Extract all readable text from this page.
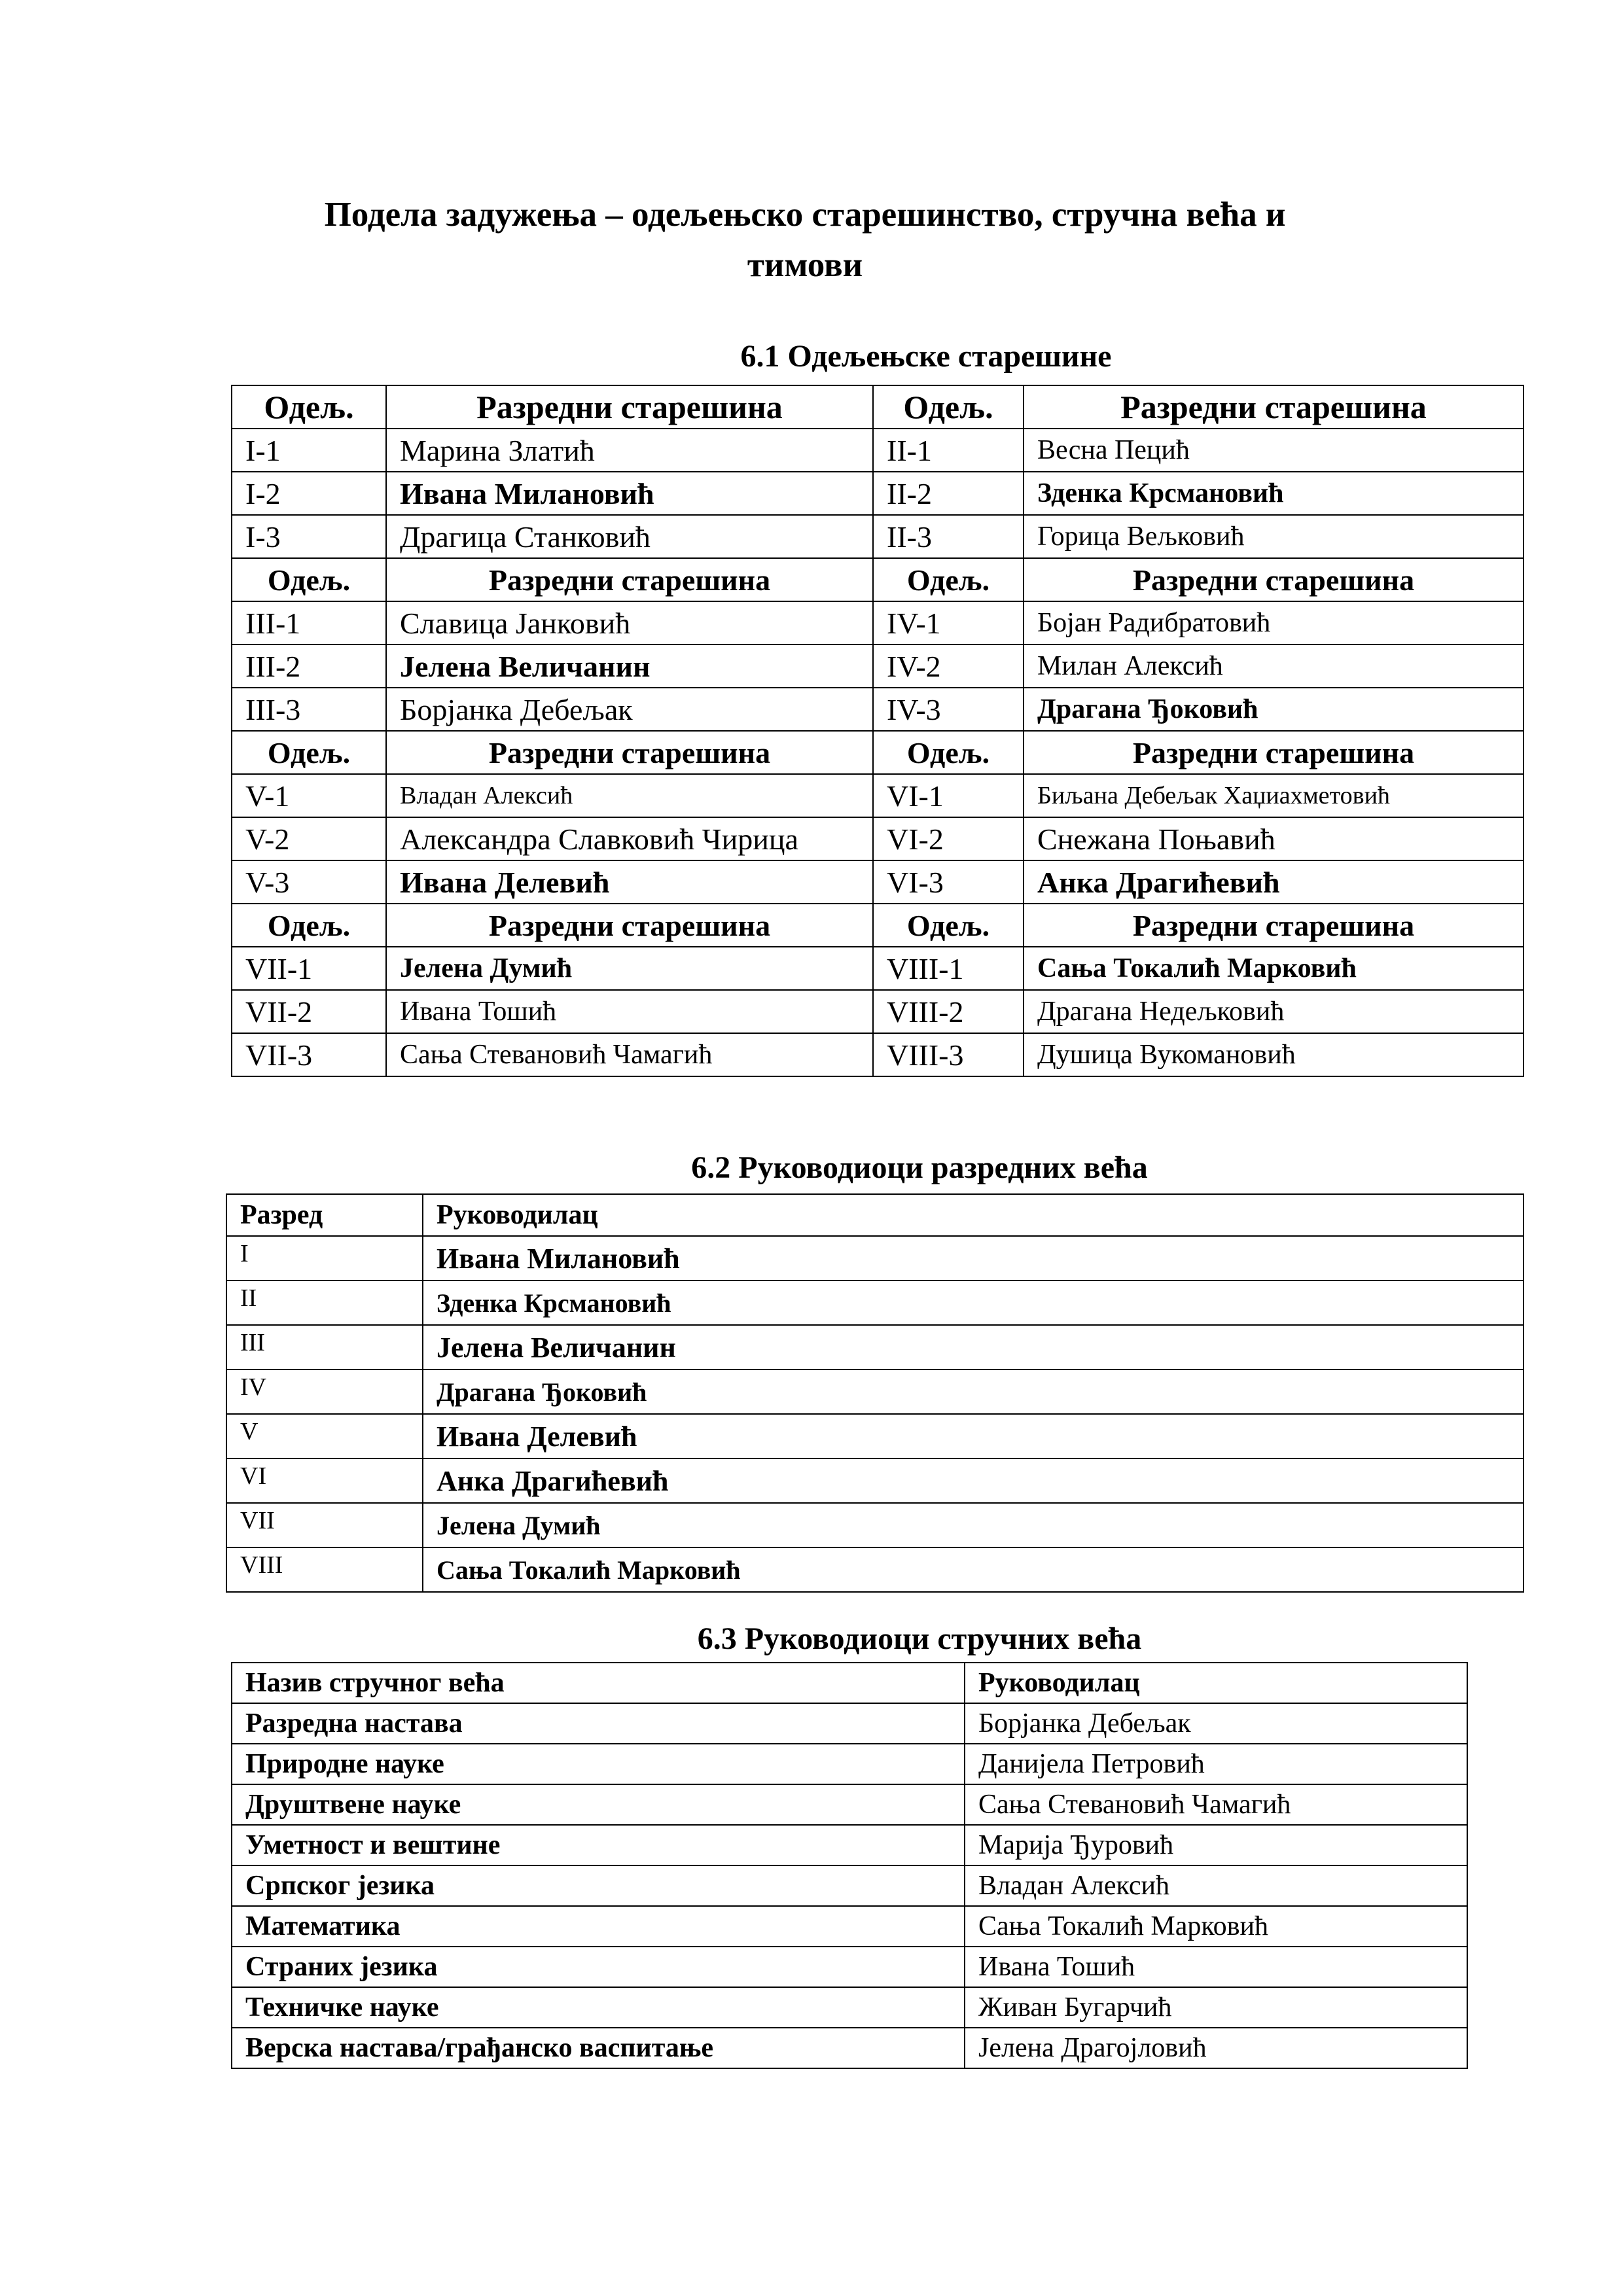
Подела задужења – одељењско старешинство, стручна већа и
тимови
6.1 Одељењске старешине
Одељ.	Разредни старешина	Одељ.	Разредни старешина
I-1	Марина Златић	II-1	Весна Пецић
I-2	Ивана Милановић	II-2	Зденка Крсмановић
I-3	Драгица Станковић	II-3	Горица Вељковић
Одељ.	Разредни старешина	Одељ.	Разредни старешина
III-1	Славица Јанковић	IV-1	Бојан Радибратовић
III-2	Јелена Величанин	IV-2	Милан Алексић
III-3	Борјанка Дебељак	IV-3	Драгана Ђоковић
Одељ.	Разредни старешина	Одељ.	Разредни старешина
V-1	Владан Алексић	VI-1	Биљана Дебељак Хаџиахметовић
V-2	Александра Славковић Чирица	VI-2	Снежана Поњавић
V-3	Ивана Делевић	VI-3	Анка Драгићевић
Одељ.	Разредни старешина	Одељ.	Разредни старешина
VII-1	Јелена Думић	VIII-1	Сања Токалић Марковић
VII-2	Ивана Тошић	VIII-2	Драгана Недељковић
VII-3	Сања Стевановић Чамагић	VIII-3	Душица Вукомановић
6.2 Руководиоци разредних већа
Разред	Руководилац
I	Ивана Милановић
II	Зденка Крсмановић
III	Јелена Величанин
IV	Драгана Ђоковић
V	Ивана Делевић
VI	Анка Драгићевић
VII	Јелена Думић
VIII	Сања Токалић Марковић
6.3 Руководиоци стручних већа
Назив стручног већа	Руководилац
Разредна настава	Борјанка Дебељак
Природне науке	Данијела Петровић
Друштвене науке	Сања Стевановић Чамагић
Уметност и вештине	Марија Ђуровић
Српског језика	Владан Алексић
Математика	Сања Токалић Марковић
Страних језика	Ивана Тошић
Техничке науке	Живан Бугарчић
Верска настава/грађанско васпитање	Јелена Драгојловић
